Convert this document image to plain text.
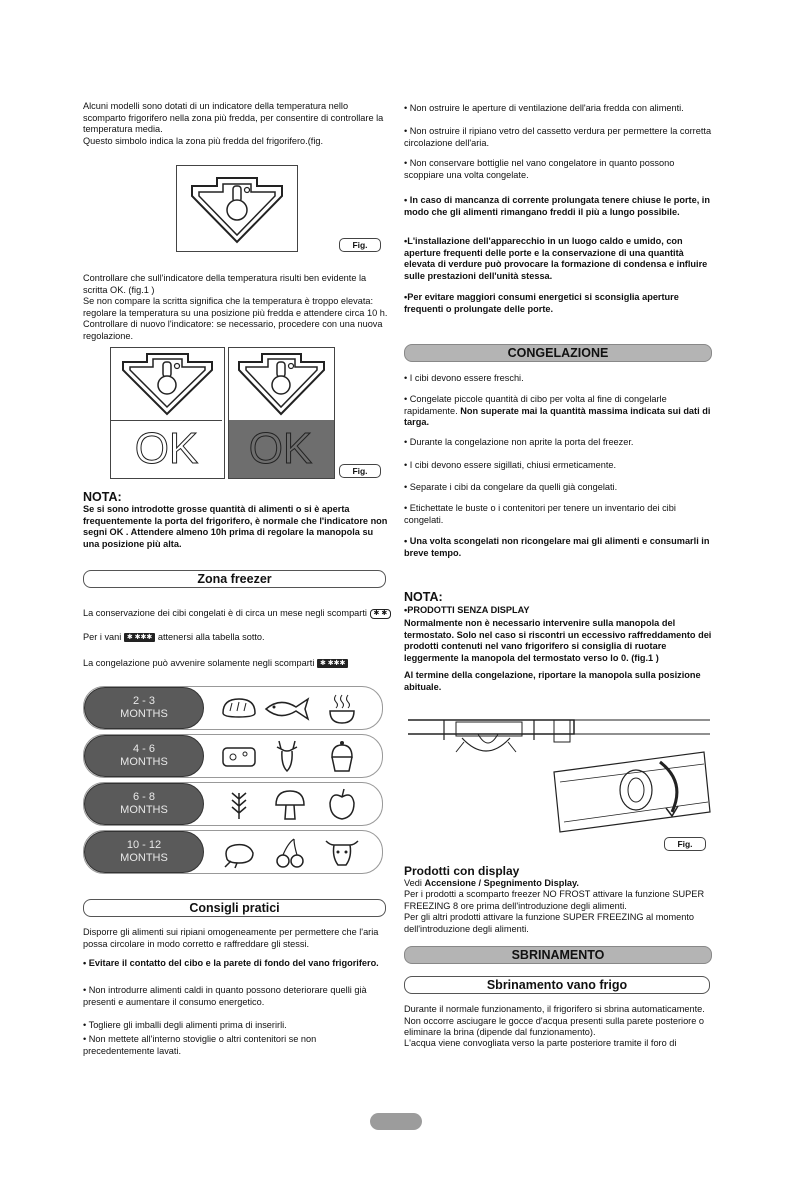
Alcuni modelli sono dotati di un indicatore della temperatura nello scomparto frigorifero nella zona più fredda, per consentire di controllare la temperatura media.
Questo simbolo indica la zona più fredda del frigorifero.(fig.

Fig.

Controllare che sull'indicatore della temperatura risulti ben evidente la scritta OK. (fig.1 )
Se non compare la scritta significa che la temperatura è troppo elevata: regolare la temperatura su una posizione più fredda e attendere circa 10 h. Controllare di nuovo l'indicatore: se necessario, procedere con una nuova regolazione.

OK	OK	Fig.
NOTA:

Se si sono introdotte grosse quantità di alimenti o si è aperta frequentemente la porta del frigorifero, è normale che l'indicatore non segni OK . Attendere almeno 10h prima di regolare la manopola su una posizione più alta.

Zona freezer

La conservazione dei cibi congelati è di circa un mese negli scomparti ✱ ✱

Per i vani ✱ ✱✱✱ attenersi alla tabella sotto.

La congelazione può avvenire solamente negli scomparti ✱ ✱✱✱

2 - 3
MONTHS
4 - 6
MONTHS
6 - 8
MONTHS
10 - 12
MONTHS
Consigli pratici

Disporre gli alimenti sui ripiani omogeneamente per permettere che l'aria possa circolare in modo corretto e raffreddare gli stessi.

• Evitare il contatto del cibo e la parete di fondo del vano frigorifero.

• Non introdurre alimenti caldi in quanto possono deteriorare quelli già presenti e aumentare il consumo energetico.

• Togliere gli imballi degli alimenti prima di inserirli.

• Non mettete all'interno stoviglie o altri contenitori se non precedentemente lavati.

• Non ostruire le aperture di ventilazione dell'aria fredda con alimenti.

• Non ostruire il ripiano vetro del cassetto verdura per permettere la corretta circolazione dell'aria.

• Non conservare bottiglie nel vano congelatore in quanto possono scoppiare una volta congelate.

• In caso di mancanza di corrente prolungata tenere chiuse le porte, in modo che gli alimenti rimangano freddi il più a lungo possibile.

•L'installazione dell'apparecchio in un luogo caldo e umido, con aperture frequenti delle porte e la conservazione di una quantità elevata di verdure può provocare la formazione di condensa e influire sulle prestazioni dell'unità stessa.

•Per evitare maggiori consumi energetici si sconsiglia aperture frequenti o prolungate delle porte.

CONGELAZIONE

• I cibi devono essere freschi.

• Congelate piccole quantità di cibo per volta al fine di congelarle rapidamente. Non superate mai la quantità massima indicata sui dati di targa.

• Durante la congelazione non aprite la porta del freezer.

• I cibi devono essere sigillati, chiusi ermeticamente.

• Separate i cibi da congelare da quelli già congelati.

• Etichettate le buste o i contenitori per tenere un inventario dei cibi congelati.

• Una volta scongelati non ricongelare mai gli alimenti e consumarli in breve tempo.

NOTA:

•PRODOTTI SENZA DISPLAY

Normalmente non è necessario intervenire sulla manopola del termostato. Solo nel caso si riscontri un eccessivo raffreddamento dei prodotti contenuti nel vano frigorifero si consiglia di ruotare leggermente la manopola del termostato verso lo 0. (fig.1 )

Al termine della congelazione, riportare la manopola sulla posizione abituale.

Fig.
Prodotti con display

Vedi Accensione / Spegnimento Display.

Per i prodotti a scomparto freezer NO FROST attivare la funzione SUPER FREEZING 8 ore prima dell'introduzione degli alimenti.

Per gli altri prodotti attivare la funzione SUPER FREEZING al momento dell'introduzione degli alimenti.

SBRINAMENTO
Sbrinamento vano frigo

Durante il normale funzionamento, il frigorifero si sbrina automaticamente. Non occorre asciugare le gocce d'acqua presenti sulla parete posteriore o eliminare la brina (dipende dal funzionamento).

L'acqua viene convogliata verso la parte posteriore tramite il foro di
